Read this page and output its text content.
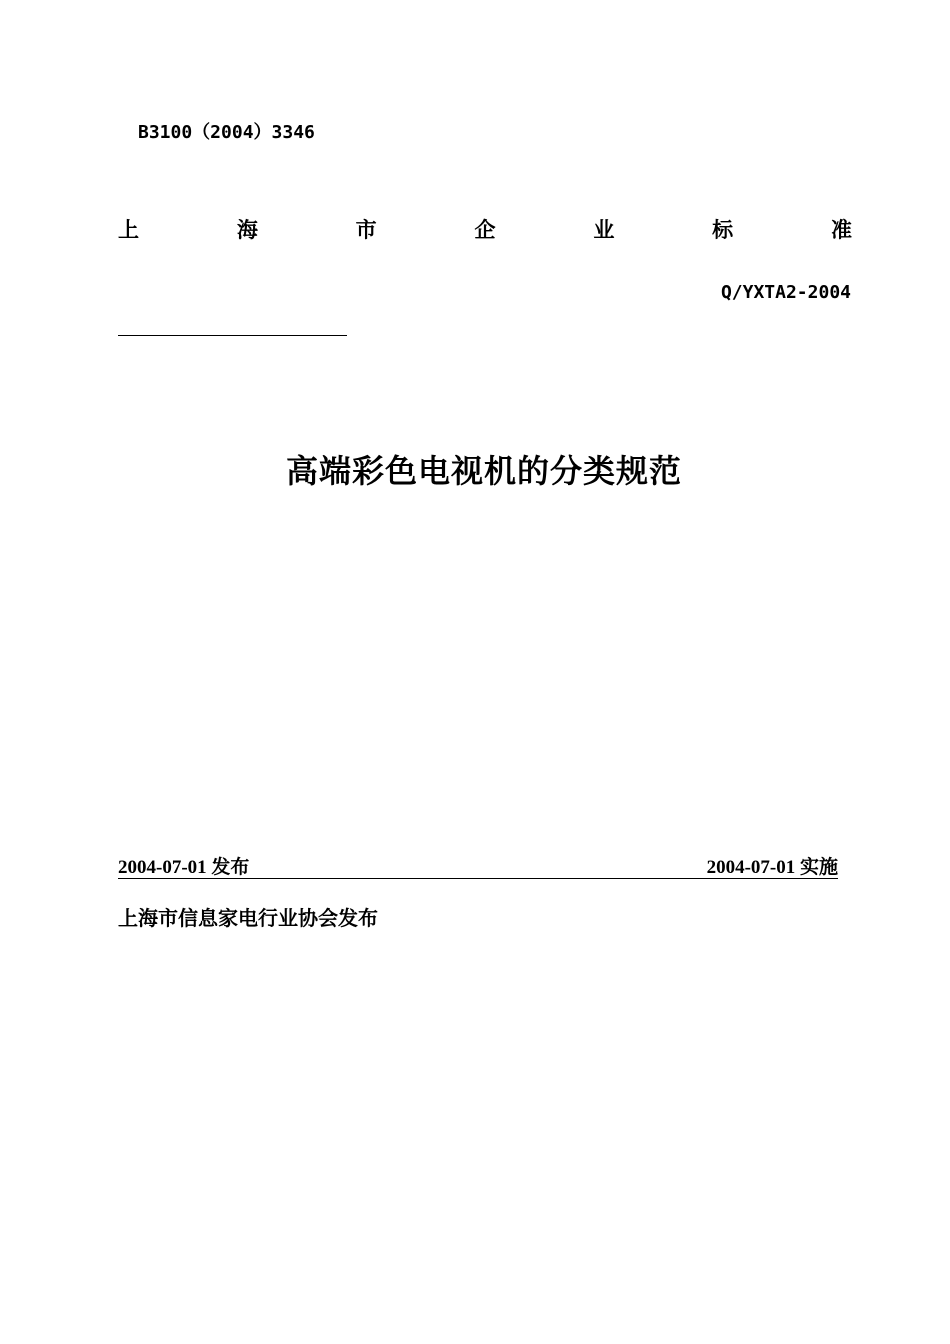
B3100（2004）3346
上	海	市	企	业	标	准
Q/YXTA2-2004
高端彩色电视机的分类规范
2004-07-01 发布	2004-07-01 实施
上海市信息家电行业协会发布
